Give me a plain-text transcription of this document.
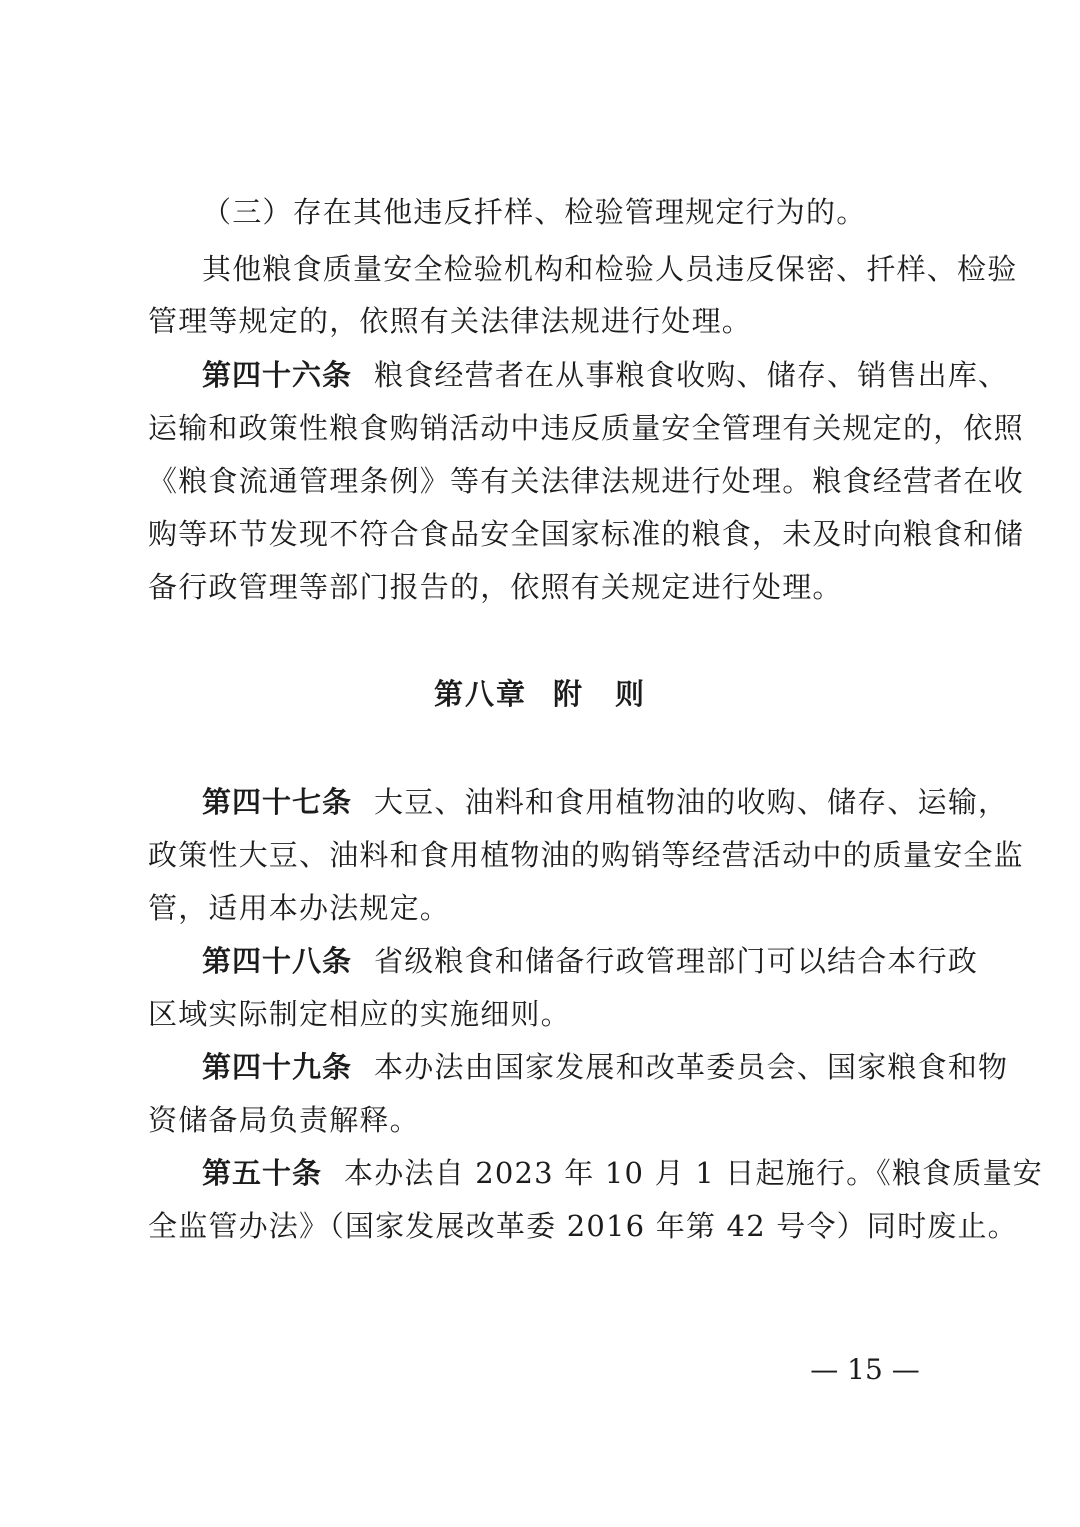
（三）存在其他违反扦样、检验管理规定行为的。
其他粮食质量安全检验机构和检验人员违反保密、扦样、检验
管理等规定的，依照有关法律法规进行处理。
第四十六条 粮食经营者在从事粮食收购、储存、销售出库、
运输和政策性粮食购销活动中违反质量安全管理有关规定的，依照
《粮食流通管理条例》等有关法律法规进行处理。粮食经营者在收
购等环节发现不符合食品安全国家标准的粮食，未及时向粮食和储
备行政管理等部门报告的，依照有关规定进行处理。
第八章 附　则
第四十七条 大豆、油料和食用植物油的收购、储存、运输，
政策性大豆、油料和食用植物油的购销等经营活动中的质量安全监
管，适用本办法规定。
第四十八条 省级粮食和储备行政管理部门可以结合本行政
区域实际制定相应的实施细则。
第四十九条 本办法由国家发展和改革委员会、国家粮食和物
资储备局负责解释。
第五十条 本办法自 2023 年 10 月 1 日起施行。《粮食质量安
全监管办法》（国家发展改革委 2016 年第 42 号令）同时废止。
— 15 —
